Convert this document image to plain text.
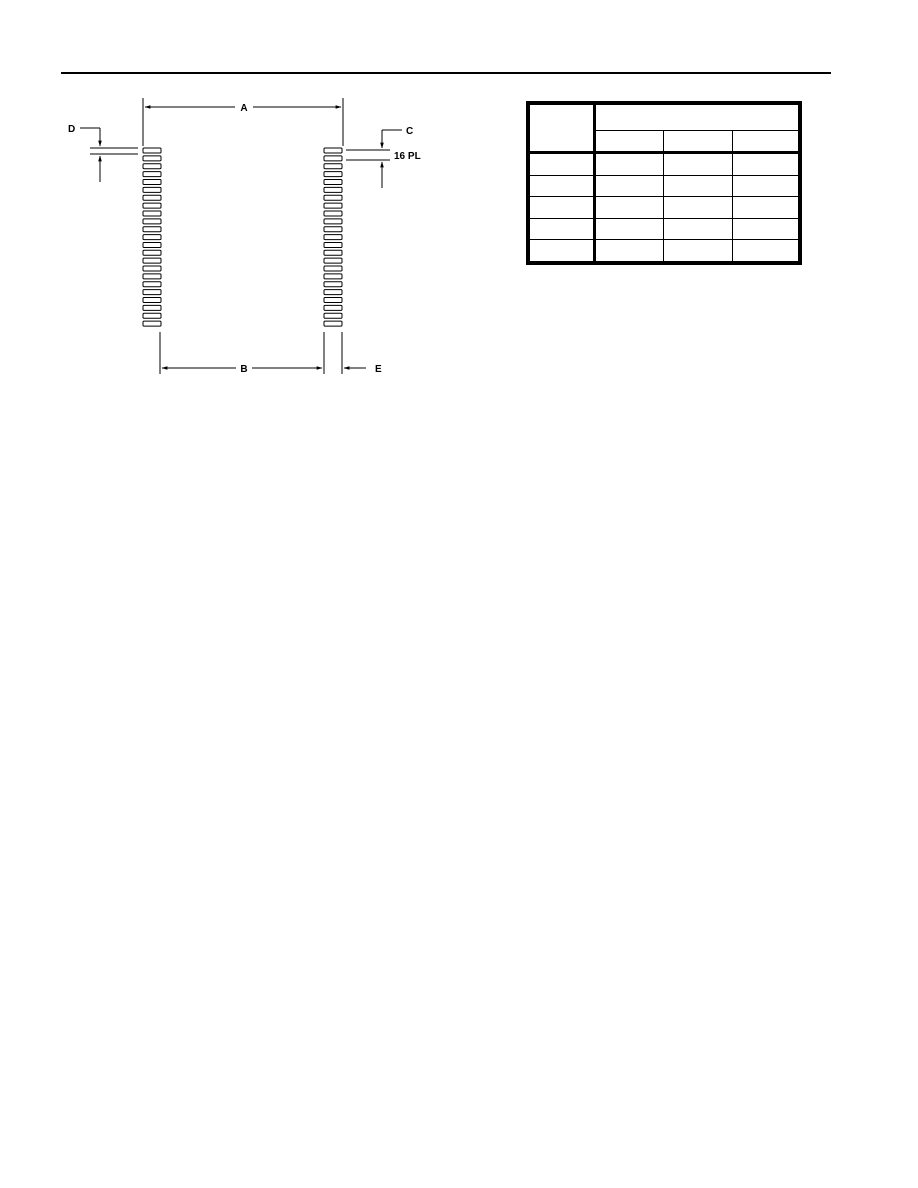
A
D	C
16 PL
B	E
